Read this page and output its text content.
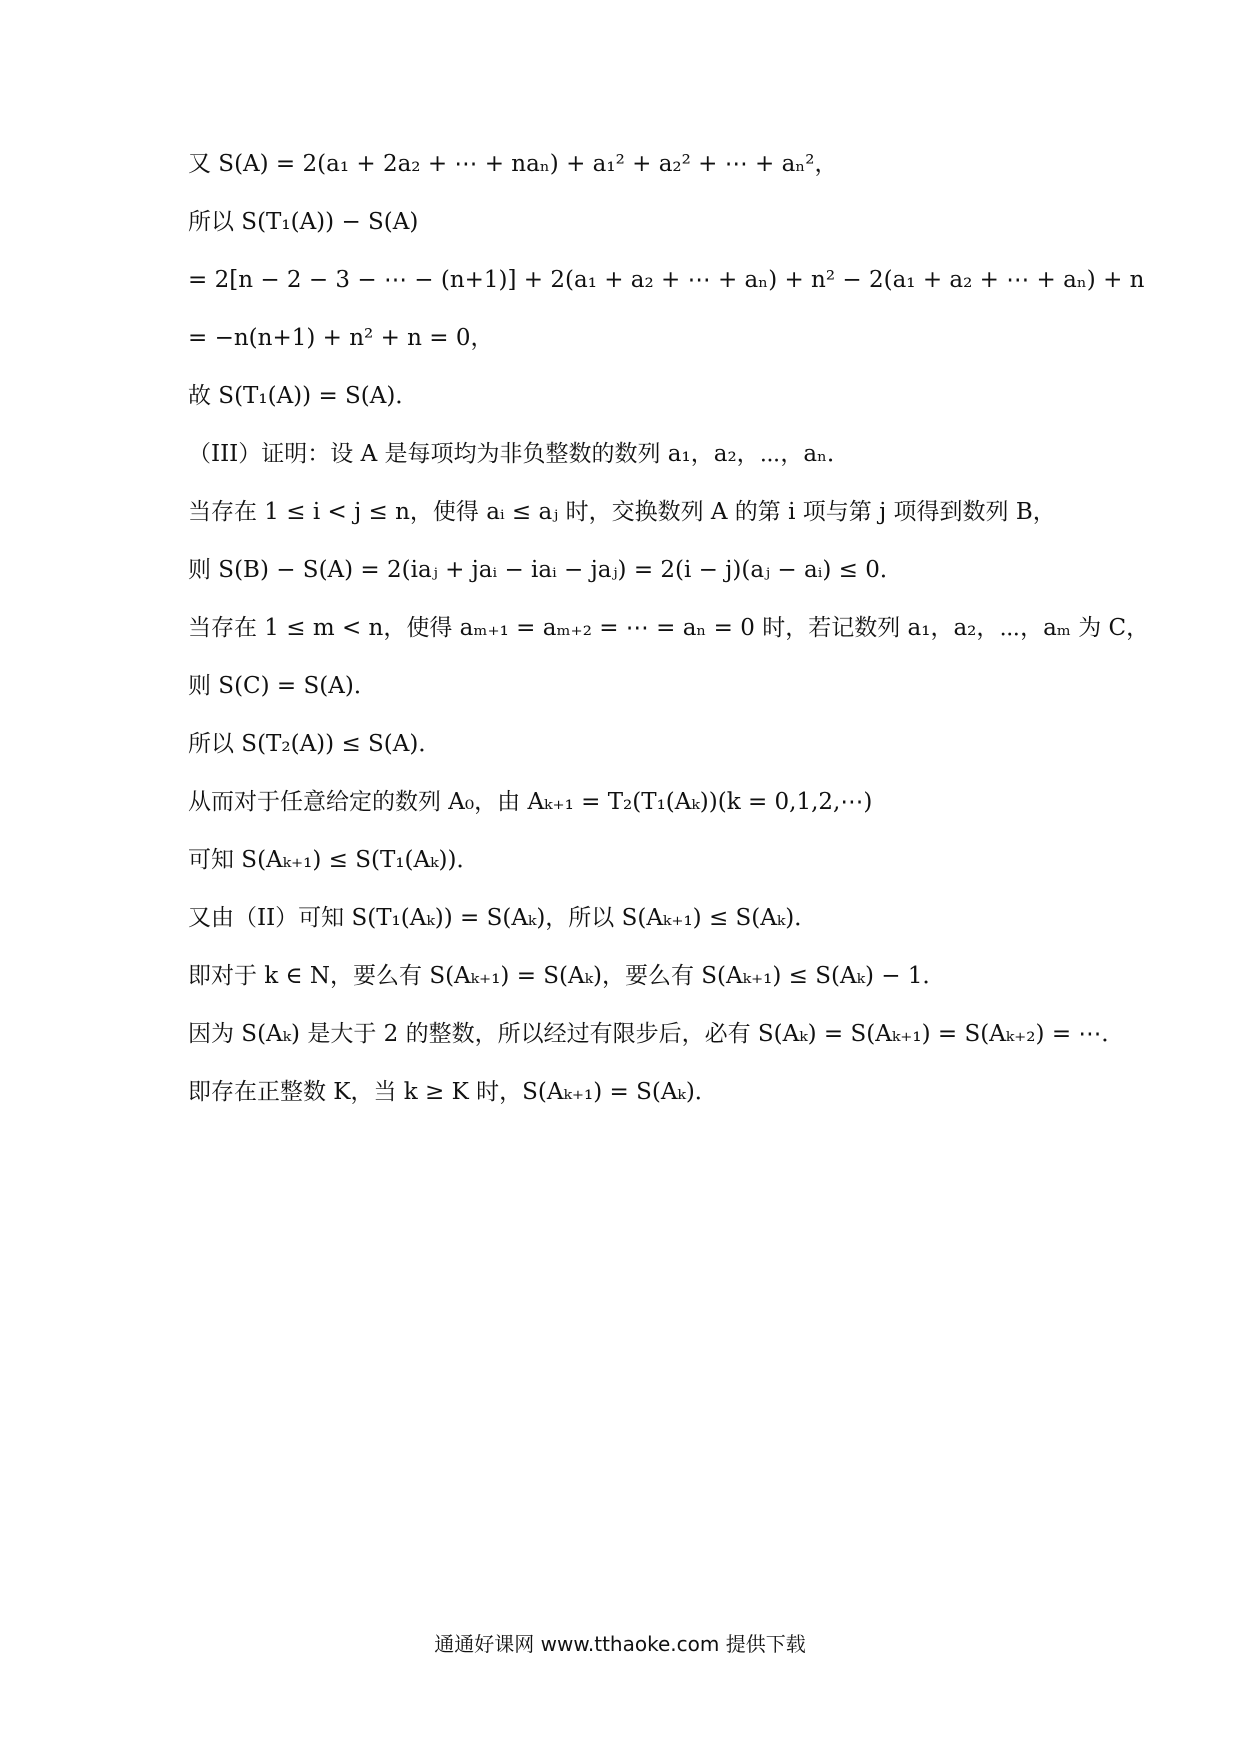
又 S(A) = 2(a₁ + 2a₂ + ⋯ + naₙ) + a₁² + a₂² + ⋯ + aₙ²，
所以 S(T₁(A)) − S(A)
= 2[n − 2 − 3 − ⋯ − (n+1)] + 2(a₁ + a₂ + ⋯ + aₙ) + n² − 2(a₁ + a₂ + ⋯ + aₙ) + n
= −n(n+1) + n² + n = 0，
故 S(T₁(A)) = S(A)．
（III）证明：设 A 是每项均为非负整数的数列 a₁，a₂，⋯，aₙ．
当存在 1 ≤ i < j ≤ n，使得 aᵢ ≤ aⱼ 时，交换数列 A 的第 i 项与第 j 项得到数列 B，
则 S(B) − S(A) = 2(iaⱼ + jaᵢ − iaᵢ − jaⱼ) = 2(i − j)(aⱼ − aᵢ) ≤ 0．
当存在 1 ≤ m < n，使得 aₘ₊₁ = aₘ₊₂ = ⋯ = aₙ = 0 时，若记数列 a₁，a₂，⋯，aₘ 为 C，
则 S(C) = S(A)．
所以 S(T₂(A)) ≤ S(A)．
从而对于任意给定的数列 A₀，由 Aₖ₊₁ = T₂(T₁(Aₖ))(k = 0,1,2,⋯)
可知 S(Aₖ₊₁) ≤ S(T₁(Aₖ))．
又由（II）可知 S(T₁(Aₖ)) = S(Aₖ)，所以 S(Aₖ₊₁) ≤ S(Aₖ)．
即对于 k ∈ N，要么有 S(Aₖ₊₁) = S(Aₖ)，要么有 S(Aₖ₊₁) ≤ S(Aₖ) − 1．
因为 S(Aₖ) 是大于 2 的整数，所以经过有限步后，必有 S(Aₖ) = S(Aₖ₊₁) = S(Aₖ₊₂) = ⋯．
即存在正整数 K，当 k ≥ K 时，S(Aₖ₊₁) = S(Aₖ)．
通通好课网 www.tthaoke.com 提供下载
